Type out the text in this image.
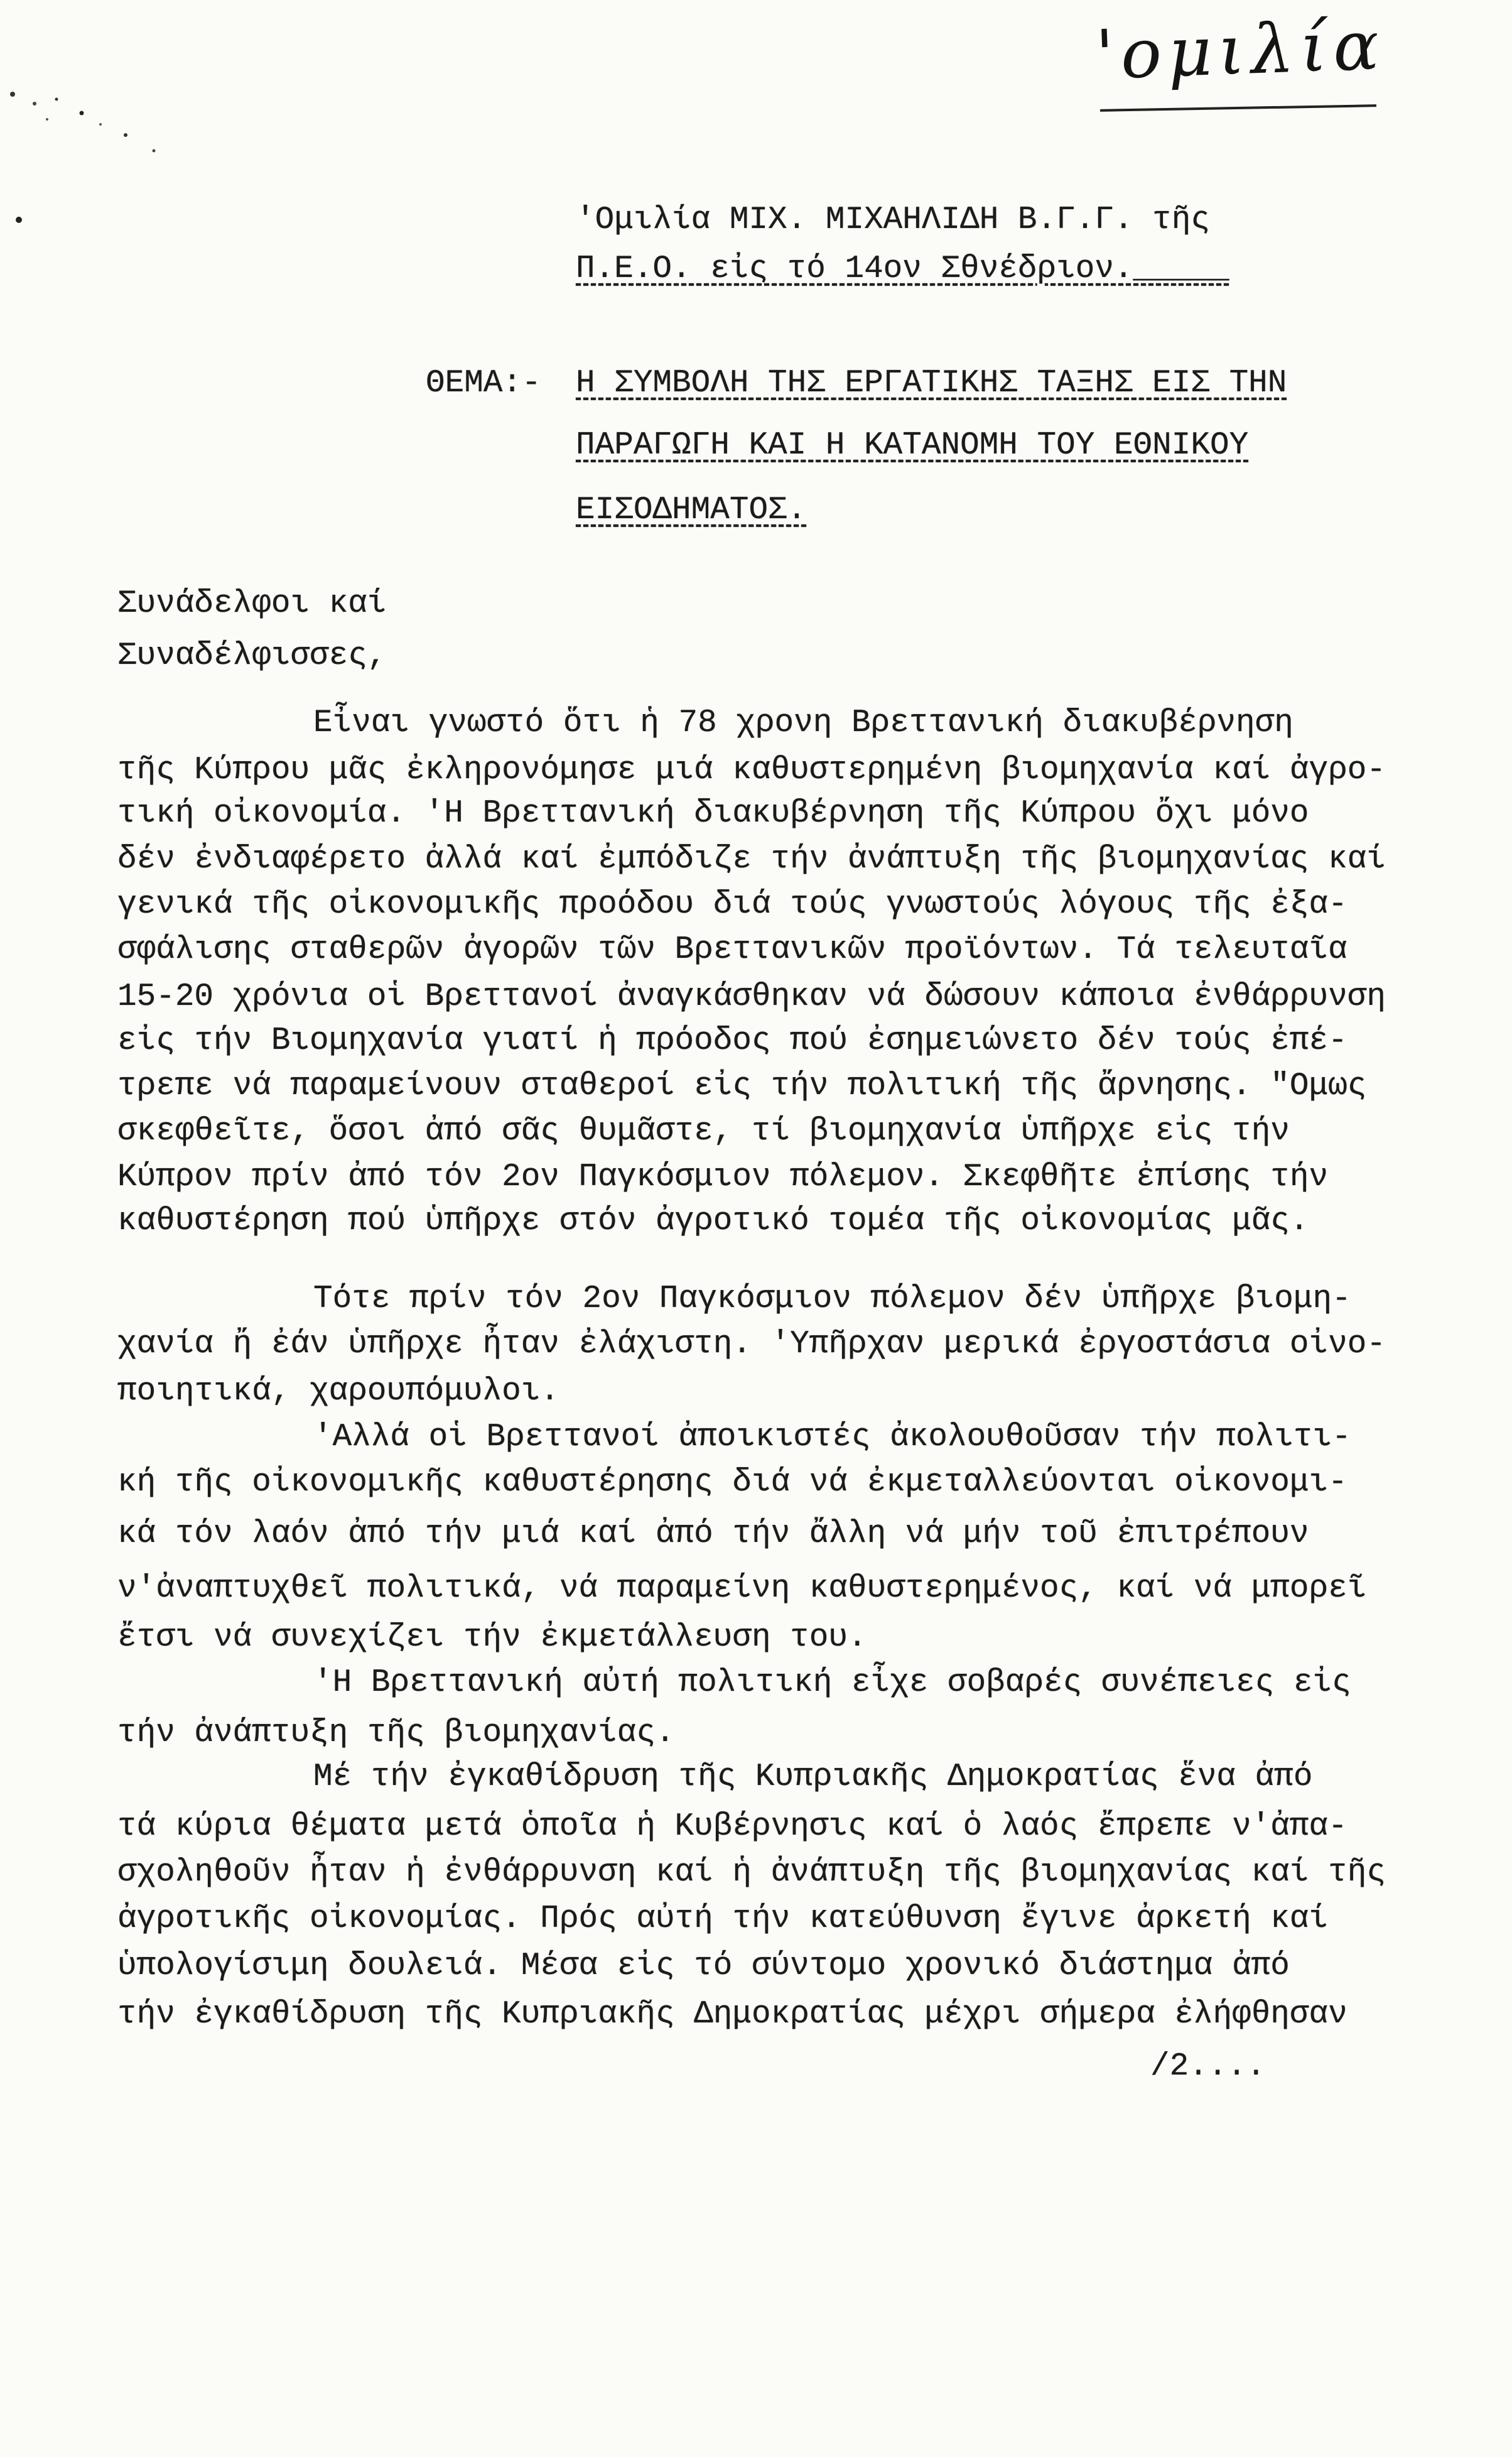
'ομιλία
'Ομιλία ΜΙΧ. ΜΙΧΑΗΛΙΔΗ Β.Γ.Γ. τῆς
Π.Ε.Ο. εἰς τό 14ον Σθνέδριον._____
ΘΕΜΑ:- Η ΣΥΜΒΟΛΗ ΤΗΣ ΕΡΓΑΤΙΚΗΣ ΤΑΞΗΣ ΕΙΣ ΤΗΝ
ΠΑΡΑΓΩΓΗ ΚΑΙ Η ΚΑΤΑΝΟΜΗ ΤΟΥ ΕΘΝΙΚΟΥ
ΕΙΣΟΔΗΜΑΤΟΣ.
Συνάδελφοι καί
Συναδέλφισσες,
Εἶναι γνωστό ὅτι ἡ 78 χρονη Βρεττανική διακυβέρνηση
τῆς Κύπρου μᾶς ἐκληρονόμησε μιά καθυστερημένη βιομηχανία καί ἀγρο-
τική οἰκονομία. 'Η Βρεττανική διακυβέρνηση τῆς Κύπρου ὄχι μόνο
δέν ἐνδιαφέρετο ἀλλά καί ἐμπόδιζε τήν ἀνάπτυξη τῆς βιομηχανίας καί
γενικά τῆς οἰκονομικῆς προόδου διά τούς γνωστούς λόγους τῆς ἐξα-
σφάλισης σταθερῶν ἀγορῶν τῶν Βρεττανικῶν προϊόντων. Τά τελευταῖα
15-20 χρόνια οἱ Βρεττανοί ἀναγκάσθηκαν νά δώσουν κάποια ἐνθάρρυνση
εἰς τήν Βιομηχανία γιατί ἡ πρόοδος πού ἐσημειώνετο δέν τούς ἐπέ-
τρεπε νά παραμείνουν σταθεροί εἰς τήν πολιτική τῆς ἄρνησης. "Ομως
σκεφθεῖτε, ὅσοι ἀπό σᾶς θυμᾶστε, τί βιομηχανία ὑπῆρχε εἰς τήν
Κύπρον πρίν ἀπό τόν 2ον Παγκόσμιον πόλεμον. Σκεφθῆτε ἐπίσης τήν
καθυστέρηση πού ὑπῆρχε στόν ἀγροτικό τομέα τῆς οἰκονομίας μᾶς.
Τότε πρίν τόν 2ον Παγκόσμιον πόλεμον δέν ὑπῆρχε βιομη-
χανία ἤ ἐάν ὑπῆρχε ἦταν ἐλάχιστη. 'Υπῆρχαν μερικά ἐργοστάσια οἰνο-
ποιητικά, χαρουπόμυλοι.
'Αλλά οἱ Βρεττανοί ἀποικιστές ἀκολουθοῦσαν τήν πολιτι-
κή τῆς οἰκονομικῆς καθυστέρησης διά νά ἐκμεταλλεύονται οἰκονομι-
κά τόν λαόν ἀπό τήν μιά καί ἀπό τήν ἄλλη νά μήν τοῦ ἐπιτρέπουν
ν'ἀναπτυχθεῖ πολιτικά, νά παραμείνη καθυστερημένος, καί νά μπορεῖ
ἔτσι νά συνεχίζει τήν ἐκμετάλλευση του.
'Η Βρεττανική αὐτή πολιτική εἶχε σοβαρές συνέπειες εἰς
τήν ἀνάπτυξη τῆς βιομηχανίας.
Μέ τήν ἐγκαθίδρυση τῆς Κυπριακῆς Δημοκρατίας ἕνα ἀπό
τά κύρια θέματα μετά ὁποῖα ἡ Κυβέρνησις καί ὁ λαός ἔπρεπε ν'ἀπα-
σχοληθοῦν ἦταν ἡ ἐνθάρρυνση καί ἡ ἀνάπτυξη τῆς βιομηχανίας καί τῆς
ἀγροτικῆς οἰκονομίας. Πρός αὐτή τήν κατεύθυνση ἔγινε ἀρκετή καί
ὑπολογίσιμη δουλειά. Μέσα εἰς τό σύντομο χρονικό διάστημα ἀπό
τήν ἐγκαθίδρυση τῆς Κυπριακῆς Δημοκρατίας μέχρι σήμερα ἐλήφθησαν
/2....
